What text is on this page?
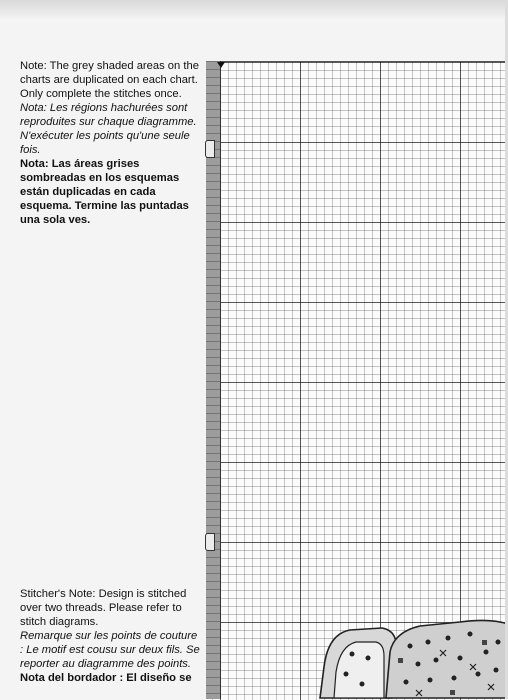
Note: The grey shaded areas on the charts are duplicated on each chart. Only complete the stitches once.

Nota: Les régions hachurées sont reproduites sur chaque diagramme. N'exécuter les points qu'une seule fois.

Nota: Las áreas grises sombreadas en los esquemas están duplicadas en cada esquema. Termine las puntadas una sola ves.

Stitcher's Note: Design is stitched over two threads. Please refer to stitch diagrams.

Remarque sur les points de couture : Le motif est cousu sur deux fils. Se reporter au diagramme des points.

Nota del bordador : El diseño se
